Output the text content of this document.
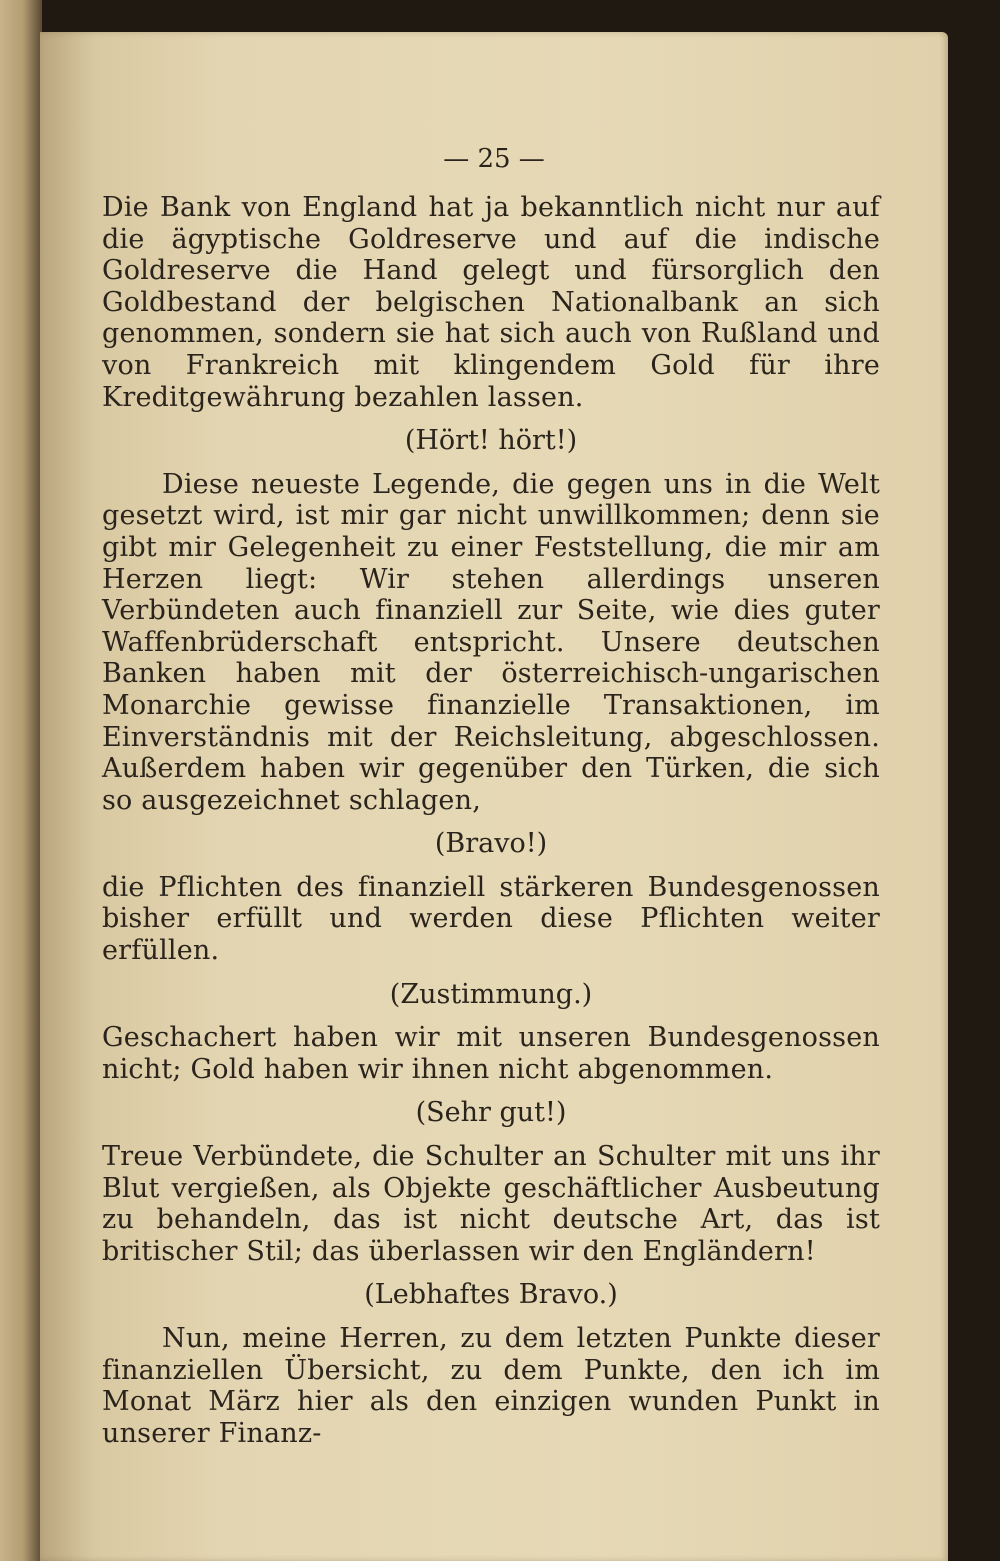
— 25 —

Die Bank von England hat ja bekanntlich nicht nur auf die ägyptische Goldreserve und auf die indische Goldreserve die Hand gelegt und fürsorglich den Goldbestand der belgischen Nationalbank an sich genommen, sondern sie hat sich auch von Rußland und von Frankreich mit klingendem Gold für ihre Kreditgewährung bezahlen lassen.

(Hört! hört!)

Diese neueste Legende, die gegen uns in die Welt gesetzt wird, ist mir gar nicht unwillkommen; denn sie gibt mir Gelegenheit zu einer Feststellung, die mir am Herzen liegt: Wir stehen allerdings unseren Verbündeten auch finanziell zur Seite, wie dies guter Waffenbrüderschaft entspricht. Unsere deutschen Banken haben mit der österreichisch-ungarischen Monarchie gewisse finanzielle Transaktionen, im Einverständnis mit der Reichsleitung, abgeschlossen. Außerdem haben wir gegenüber den Türken, die sich so ausgezeichnet schlagen,

(Bravo!)

die Pflichten des finanziell stärkeren Bundesgenossen bisher erfüllt und werden diese Pflichten weiter erfüllen.

(Zustimmung.)

Geschachert haben wir mit unseren Bundesgenossen nicht; Gold haben wir ihnen nicht abgenommen.

(Sehr gut!)

Treue Verbündete, die Schulter an Schulter mit uns ihr Blut vergießen, als Objekte geschäftlicher Ausbeutung zu behandeln, das ist nicht deutsche Art, das ist britischer Stil; das überlassen wir den Engländern!

(Lebhaftes Bravo.)

Nun, meine Herren, zu dem letzten Punkte dieser finanziellen Übersicht, zu dem Punkte, den ich im Monat März hier als den einzigen wunden Punkt in unserer Finanz-
